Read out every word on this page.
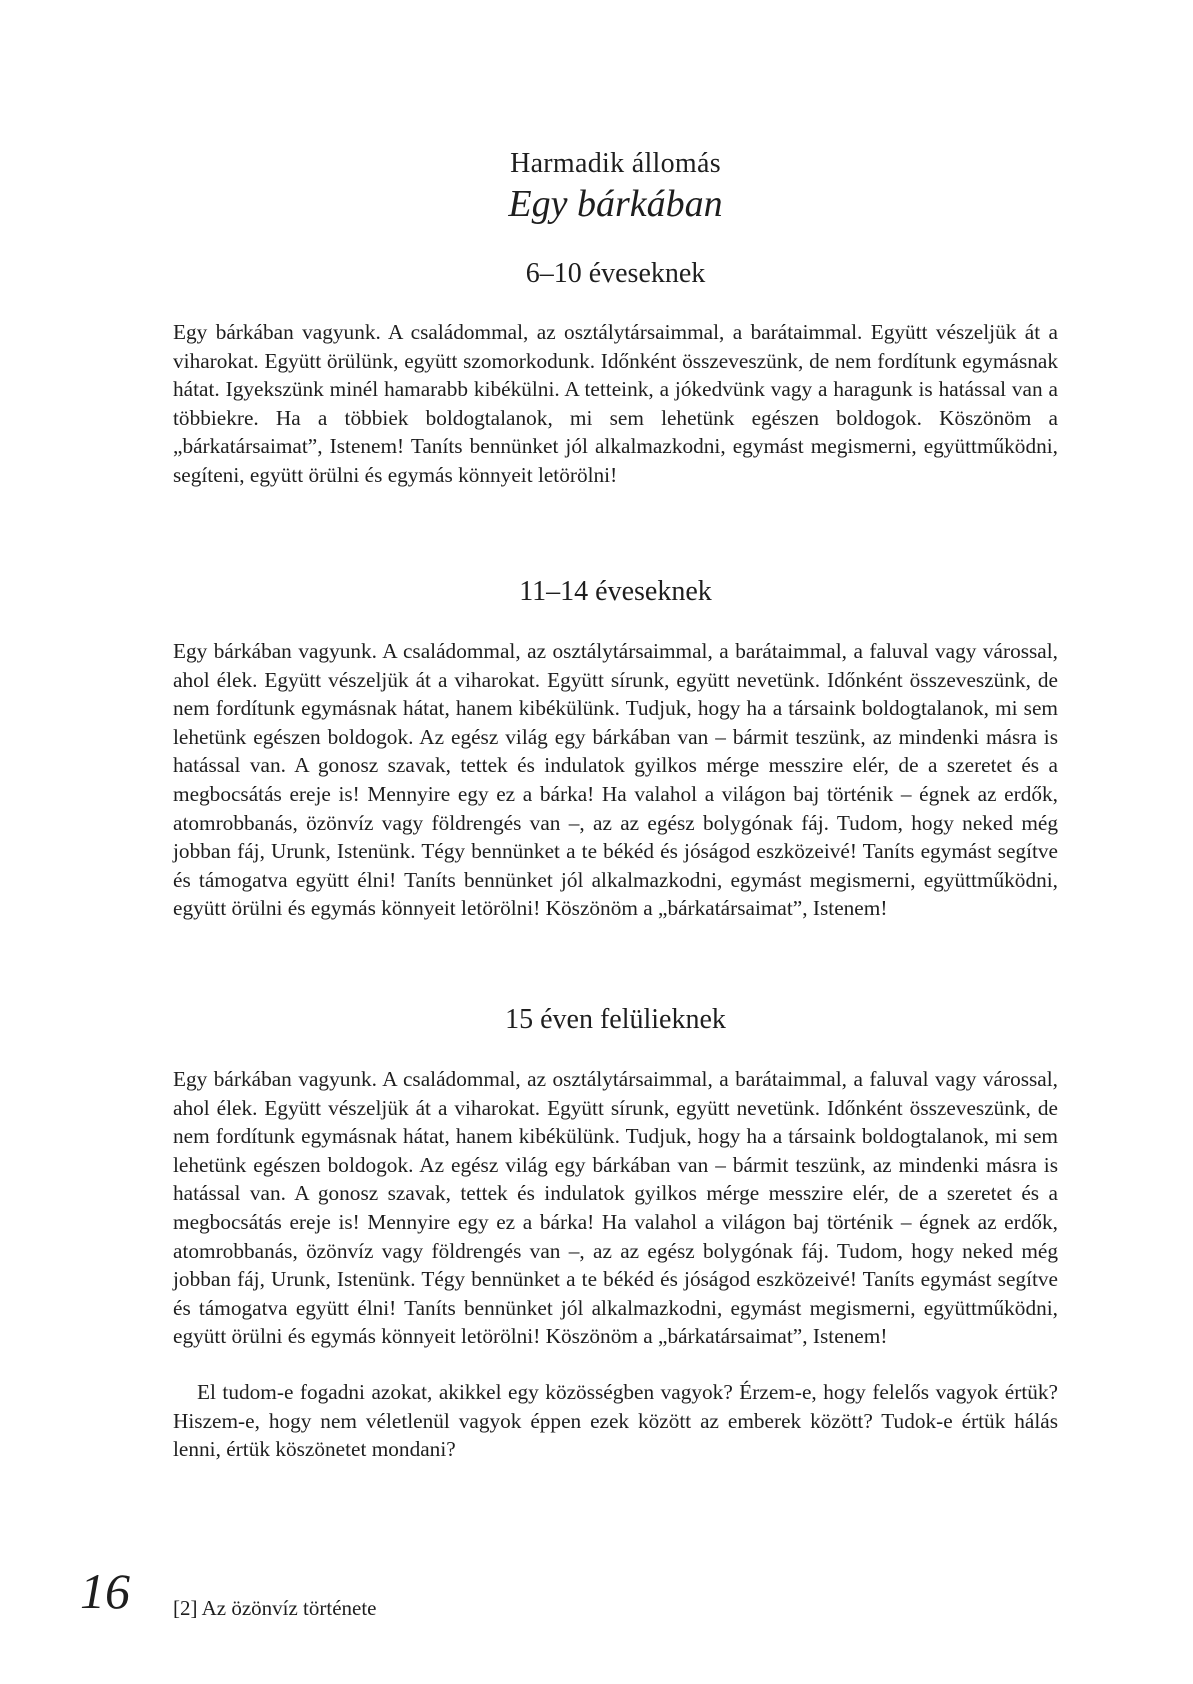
Harmadik állomás
Egy bárkában
6–10 éveseknek

Egy bárkában vagyunk. A családommal, az osztálytársaimmal, a barátaimmal. Együtt vészeljük át a viharokat. Együtt örülünk, együtt szomorkodunk. Időnként összeveszünk, de nem fordítunk egymásnak hátat. Igyekszünk minél hamarabb kibékülni. A tetteink, a jókedvünk vagy a haragunk is hatással van a többiekre. Ha a többiek boldogtalanok, mi sem lehetünk egészen boldogok. Köszönöm a „bárkatársaimat”, Istenem! Taníts bennünket jól alkalmazkodni, egymást megismerni, együttműködni, segíteni, együtt örülni és egymás könnyeit letörölni!

11–14 éveseknek

Egy bárkában vagyunk. A családommal, az osztálytársaimmal, a barátaimmal, a faluval vagy várossal, ahol élek. Együtt vészeljük át a viharokat. Együtt sírunk, együtt nevetünk. Időnként összeveszünk, de nem fordítunk egymásnak hátat, hanem kibékülünk. Tudjuk, hogy ha a társaink boldogtalanok, mi sem lehetünk egészen boldogok. Az egész világ egy bárkában van – bármit teszünk, az mindenki másra is hatással van. A gonosz szavak, tettek és indulatok gyilkos mérge messzire elér, de a szeretet és a megbocsátás ereje is! Mennyire egy ez a bárka! Ha valahol a világon baj történik – égnek az erdők, atomrobbanás, özönvíz vagy földrengés van –, az az egész bolygónak fáj. Tudom, hogy neked még jobban fáj, Urunk, Istenünk. Tégy bennünket a te békéd és jóságod eszközeivé! Taníts egymást segítve és támogatva együtt élni! Taníts bennünket jól alkalmazkodni, egymást megismerni, együttműködni, együtt örülni és egymás könnyeit letörölni! Köszönöm a „bárkatársaimat”, Istenem!

15 éven felülieknek

Egy bárkában vagyunk. A családommal, az osztálytársaimmal, a barátaimmal, a faluval vagy várossal, ahol élek. Együtt vészeljük át a viharokat. Együtt sírunk, együtt nevetünk. Időnként összeveszünk, de nem fordítunk egymásnak hátat, hanem kibékülünk. Tudjuk, hogy ha a társaink boldogtalanok, mi sem lehetünk egészen boldogok. Az egész világ egy bárkában van – bármit teszünk, az mindenki másra is hatással van. A gonosz szavak, tettek és indulatok gyilkos mérge messzire elér, de a szeretet és a megbocsátás ereje is! Mennyire egy ez a bárka! Ha valahol a világon baj történik – égnek az erdők, atomrobbanás, özönvíz vagy földrengés van –, az az egész bolygónak fáj. Tudom, hogy neked még jobban fáj, Urunk, Istenünk. Tégy bennünket a te békéd és jóságod eszközeivé! Taníts egymást segítve és támogatva együtt élni! Taníts bennünket jól alkalmazkodni, egymást megismerni, együttműködni, együtt örülni és egymás könnyeit letörölni! Köszönöm a „bárkatársaimat”, Istenem!

El tudom-e fogadni azokat, akikkel egy közösségben vagyok? Érzem-e, hogy felelős vagyok értük? Hiszem-e, hogy nem véletlenül vagyok éppen ezek között az emberek között? Tudok-e értük hálás lenni, értük köszönetet mondani?

16 [2] Az özönvíz története
